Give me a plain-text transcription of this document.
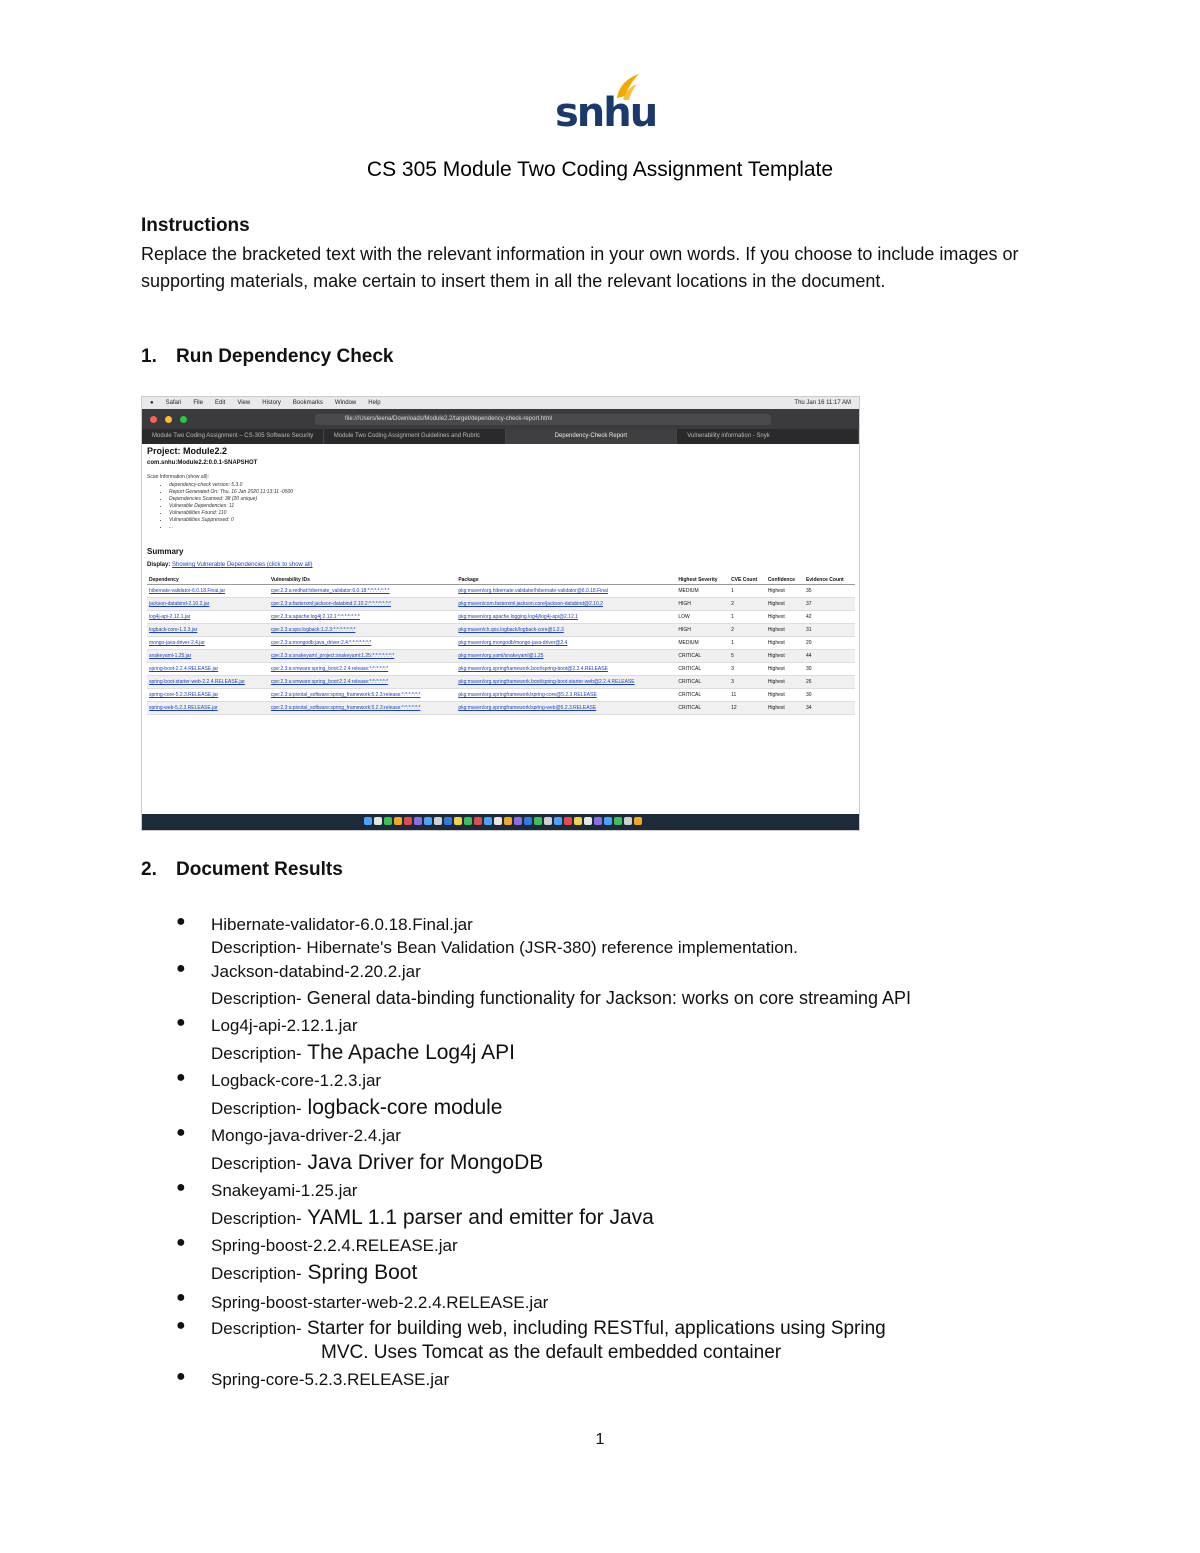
snhu
CS 305 Module Two Coding Assignment Template
Instructions
Replace the bracketed text with the relevant information in your own words. If you choose to include images or supporting materials, make certain to insert them in all the relevant locations in the document.
1. Run Dependency Check
● Safari File Edit View History Bookmarks Window Help	Thu Jan 16 11:17 AM
file:///Users/leena/Downloads/Module2.2/target/dependency-check-report.html
Module Two Coding Assignment – CS-305 Software Security	Module Two Coding Assignment Guidelines and Rubric	Dependency-Check Report	Vulnerability information - Snyk
Project: Module2.2
com.snhu:Module2.2:0.0.1-SNAPSHOT
Scan Information (show all):
• dependency-check version: 5.3.0
• Report Generated On: Thu, 16 Jan 2020 11:13:11 -0500
• Dependencies Scanned: 38 (20 unique)
• Vulnerable Dependencies: 11
• Vulnerabilities Found: 110
• Vulnerabilities Suppressed: 0
• ...
Summary
Display: Showing Vulnerable Dependencies (click to show all)
Dependency	Vulnerability IDs	Package	Highest Severity	CVE Count	Confidence	Evidence Count
hibernate-validator-6.0.18.Final.jar	cpe:2.3:a:redhat:hibernate_validator:6.0.18:*:*:*:*:*:*:*	pkg:maven/org.hibernate.validator/hibernate-validator@6.0.18.Final	MEDIUM	1	Highest	35
jackson-databind-2.10.2.jar	cpe:2.3:a:fasterxml:jackson-databind:2.10.2:*:*:*:*:*:*:*	pkg:maven/com.fasterxml.jackson.core/jackson-databind@2.10.2	HIGH	2	Highest	37
log4j-api-2.12.1.jar	cpe:2.3:a:apache:log4j:2.12.1:*:*:*:*:*:*:*	pkg:maven/org.apache.logging.log4j/log4j-api@2.12.1	LOW	1	Highest	42
logback-core-1.2.3.jar	cpe:2.3:a:qos:logback:1.2.3:*:*:*:*:*:*:*	pkg:maven/ch.qos.logback/logback-core@1.2.3	HIGH	2	Highest	31
mongo-java-driver-2.4.jar	cpe:2.3:a:mongodb:java_driver:2.4:*:*:*:*:*:*:*	pkg:maven/org.mongodb/mongo-java-driver@2.4	MEDIUM	1	Highest	20
snakeyaml-1.25.jar	cpe:2.3:a:snakeyaml_project:snakeyaml:1.25:*:*:*:*:*:*:*	pkg:maven/org.yaml/snakeyaml@1.25	CRITICAL	5	Highest	44
spring-boot-2.2.4.RELEASE.jar	cpe:2.3:a:vmware:spring_boot:2.2.4:release:*:*:*:*:*:*	pkg:maven/org.springframework.boot/spring-boot@2.2.4.RELEASE	CRITICAL	3	Highest	30
spring-boot-starter-web-2.2.4.RELEASE.jar	cpe:2.3:a:vmware:spring_boot:2.2.4:release:*:*:*:*:*:*	pkg:maven/org.springframework.boot/spring-boot-starter-web@2.2.4.RELEASE	CRITICAL	3	Highest	26
spring-core-5.2.3.RELEASE.jar	cpe:2.3:a:pivotal_software:spring_framework:5.2.3:release:*:*:*:*:*:*	pkg:maven/org.springframework/spring-core@5.2.3.RELEASE	CRITICAL	11	Highest	30
spring-web-5.2.3.RELEASE.jar	cpe:2.3:a:pivotal_software:spring_framework:5.2.3:release:*:*:*:*:*:*	pkg:maven/org.springframework/spring-web@5.2.3.RELEASE	CRITICAL	12	Highest	34
2. Document Results
● Hibernate-validator-6.0.18.Final.jar
Description- Hibernate's Bean Validation (JSR-380) reference implementation.
● Jackson-databind-2.20.2.jar
Description- General data-binding functionality for Jackson: works on core streaming API
● Log4j-api-2.12.1.jar
Description- The Apache Log4j API
● Logback-core-1.2.3.jar
Description- logback-core module
● Mongo-java-driver-2.4.jar
Description- Java Driver for MongoDB
● Snakeyami-1.25.jar
Description- YAML 1.1 parser and emitter for Java
● Spring-boost-2.2.4.RELEASE.jar
Description- Spring Boot
● Spring-boost-starter-web-2.2.4.RELEASE.jar
● Description- Starter for building web, including RESTful, applications using Spring
MVC. Uses Tomcat as the default embedded container
● Spring-core-5.2.3.RELEASE.jar
1
